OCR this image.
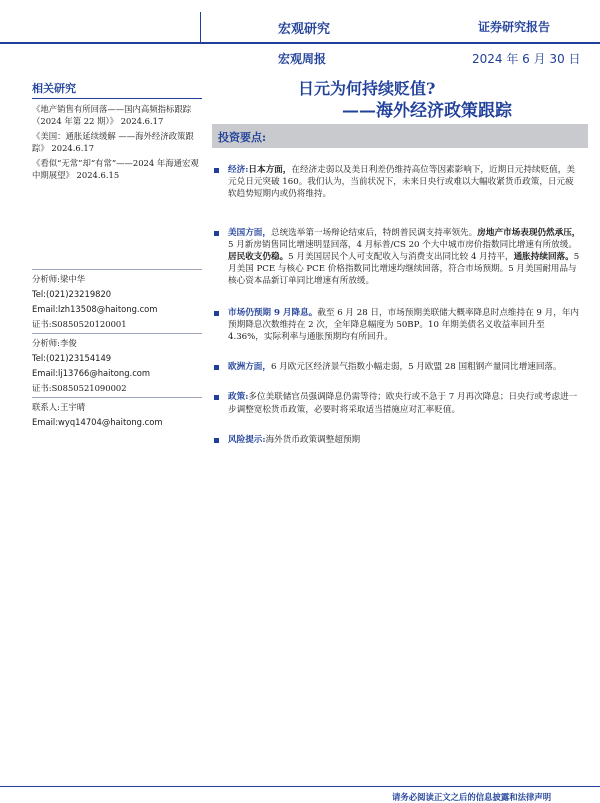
宏观研究	证券研究报告
宏观周报	2024 年 6 月 30 日
日元为何持续贬值?
——海外经济政策跟踪
相关研究
《地产销售有所回落——国内高频指标跟踪（2024 年第 22 期）》 2024.6.17
《美国：通胀延续缓解 ——海外经济政策跟踪》 2024.6.17
《看似“无常”却“有常”——2024 年海通宏观中期展望》 2024.6.15
分析师:梁中华
Tel:(021)23219820
Email:lzh13508@haitong.com
证书:S0850520120001
分析师:李俊
Tel:(021)23154149
Email:lj13766@haitong.com
证书:S0850521090002
联系人:王宇晴
Email:wyq14704@haitong.com
投资要点:
经济:日本方面，在经济走弱以及美日利差仍维持高位等因素影响下，近期日元持续贬值，美元兑日元突破 160。我们认为，当前状况下，未来日央行或难以大幅收紧货币政策，日元疲软趋势短期内或仍将维持。
美国方面，总统选举第一场辩论结束后，特朗普民调支持率领先。房地产市场表现仍然承压，5 月新房销售同比增速明显回落，4 月标普/CS 20 个大中城市房价指数同比增速有所放缓。居民收支仍稳。5 月美国居民个人可支配收入与消费支出同比较 4 月持平，通胀持续回落。5 月美国 PCE 与核心 PCE 价格指数同比增速均继续回落，符合市场预期。5 月美国耐用品与核心资本品新订单同比增速有所放缓。
市场仍预期 9 月降息。截至 6 月 28 日，市场预期美联储大概率降息时点维持在 9 月，年内预期降息次数维持在 2 次，全年降息幅度为 50BP。10 年期美债名义收益率回升至 4.36%，实际利率与通胀预期均有所回升。
欧洲方面，6 月欧元区经济景气指数小幅走弱，5 月欧盟 28 国粗钢产量同比增速回落。
政策:多位美联储官员强调降息仍需等待；欧央行或不急于 7 月再次降息；日央行或考虑进一步调整宽松货币政策，必要时将采取适当措施应对汇率贬值。
风险提示:海外货币政策调整超预期
请务必阅读正文之后的信息披露和法律声明
